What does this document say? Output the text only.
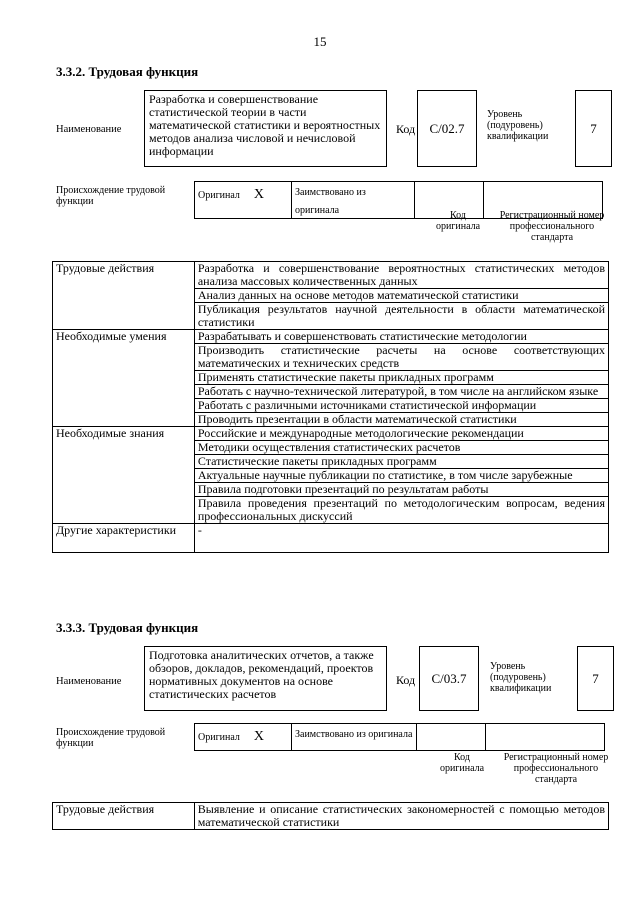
15
3.3.2. Трудовая функция
Наименование
Разработка и совершенствование статистической теории в части математической статистики и вероятностных методов анализа числовой и нечисловой информации
Код	С/02.7
Уровень (подуровень) квалификации
7
Происхождение трудовой функции
Оригинал X	Заимствовано из оригинала			Код оригинала
Регистрационный номер профессионального стандарта
Трудовые действия	Разработка и совершенствование вероятностных статистических методов анализа массовых количественных данных
	Анализ данных на основе методов математической статистики
	Публикация результатов научной деятельности в области математической статистики
Необходимые умения	Разрабатывать и совершенствовать статистические методологии
	Производить статистические расчеты на основе соответствующих математических и технических средств
	Применять статистические пакеты прикладных программ
	Работать с научно-технической литературой, в том числе на английском языке
	Работать с различными источниками статистической информации
	Проводить презентации в области математической статистики
Необходимые знания	Российские и международные методологические рекомендации
	Методики осуществления статистических расчетов
	Статистические пакеты прикладных программ
	Актуальные научные публикации по статистике, в том числе зарубежные
	Правила подготовки презентаций по результатам работы
	Правила проведения презентаций по методологическим вопросам, ведения профессиональных дискуссий
Другие характеристики	-
3.3.3. Трудовая функция
Наименование
Подготовка аналитических отчетов, а также обзоров, докладов, рекомендаций, проектов нормативных документов на основе статистических расчетов
Код	С/03.7
Уровень (подуровень) квалификации
7
Происхождение трудовой функции
Оригинал X	Заимствовано из оригинала		
Код оригинала
Регистрационный номер профессионального стандарта
Трудовые действия	Выявление и описание статистических закономерностей с помощью методов математической статистики
